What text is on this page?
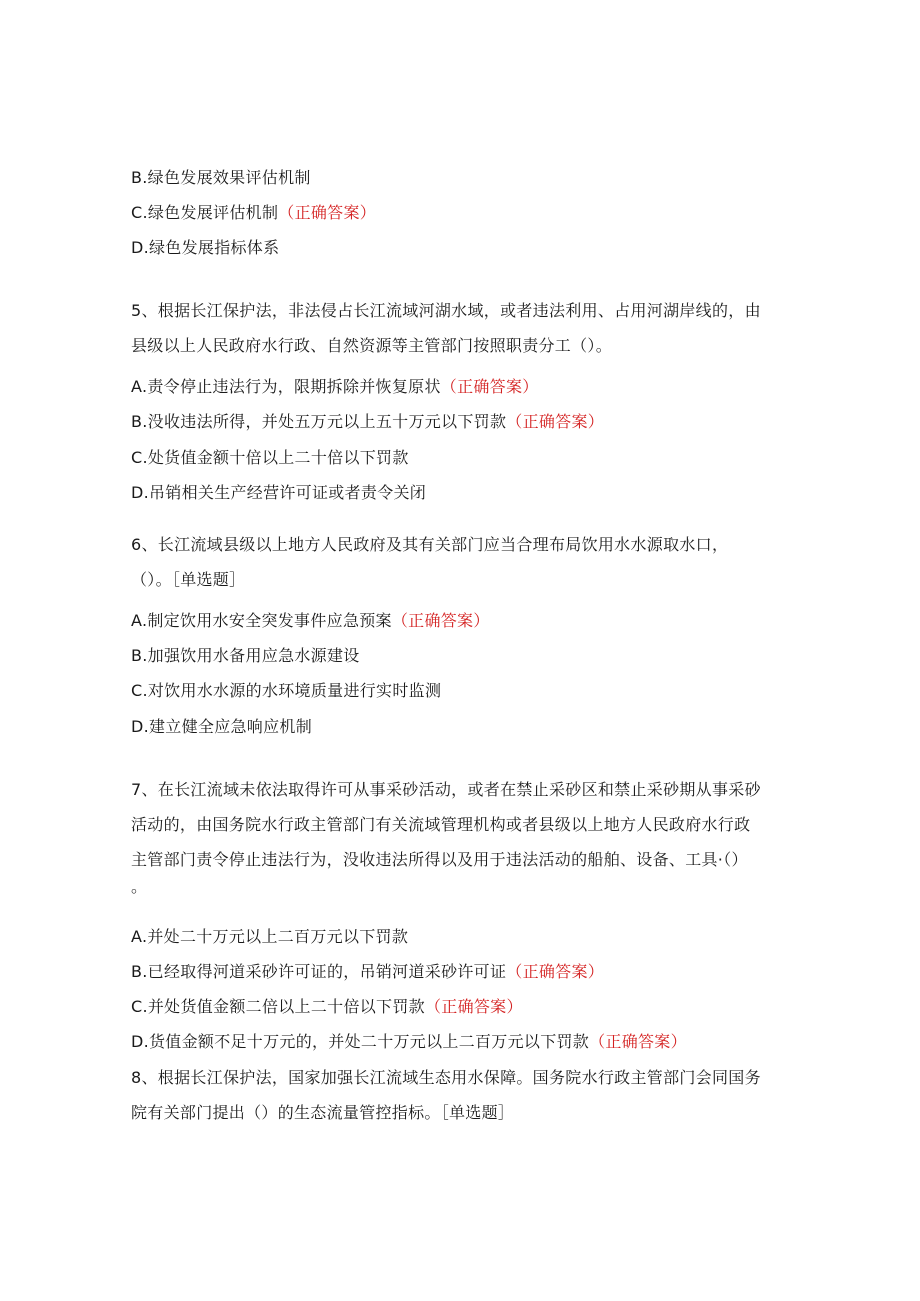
B.绿色发展效果评估机制
C.绿色发展评估机制（正确答案）
D.绿色发展指标体系
5、根据长江保护法，非法侵占长江流域河湖水域，或者违法利用、占用河湖岸线的，由
县级以上人民政府水行政、自然资源等主管部门按照职责分工（）。
A.责令停止违法行为，限期拆除并恢复原状（正确答案）
B.没收违法所得，并处五万元以上五十万元以下罚款（正确答案）
C.处货值金额十倍以上二十倍以下罚款
D.吊销相关生产经营许可证或者责令关闭
6、长江流域县级以上地方人民政府及其有关部门应当合理布局饮用水水源取水口，
（）。［单选题］
A.制定饮用水安全突发事件应急预案（正确答案）
B.加强饮用水备用应急水源建设
C.对饮用水水源的水环境质量进行实时监测
D.建立健全应急响应机制
7、在长江流域未依法取得许可从事采砂活动，或者在禁止采砂区和禁止采砂期从事采砂
活动的，由国务院水行政主管部门有关流域管理机构或者县级以上地方人民政府水行政
主管部门责令停止违法行为，没收违法所得以及用于违法活动的船舶、设备、工具·（）
。
A.并处二十万元以上二百万元以下罚款
B.已经取得河道采砂许可证的，吊销河道采砂许可证（正确答案）
C.并处货值金额二倍以上二十倍以下罚款（正确答案）
D.货值金额不足十万元的，并处二十万元以上二百万元以下罚款（正确答案）
8、根据长江保护法，国家加强长江流域生态用水保障。国务院水行政主管部门会同国务
院有关部门提出（）的生态流量管控指标。［单选题］
